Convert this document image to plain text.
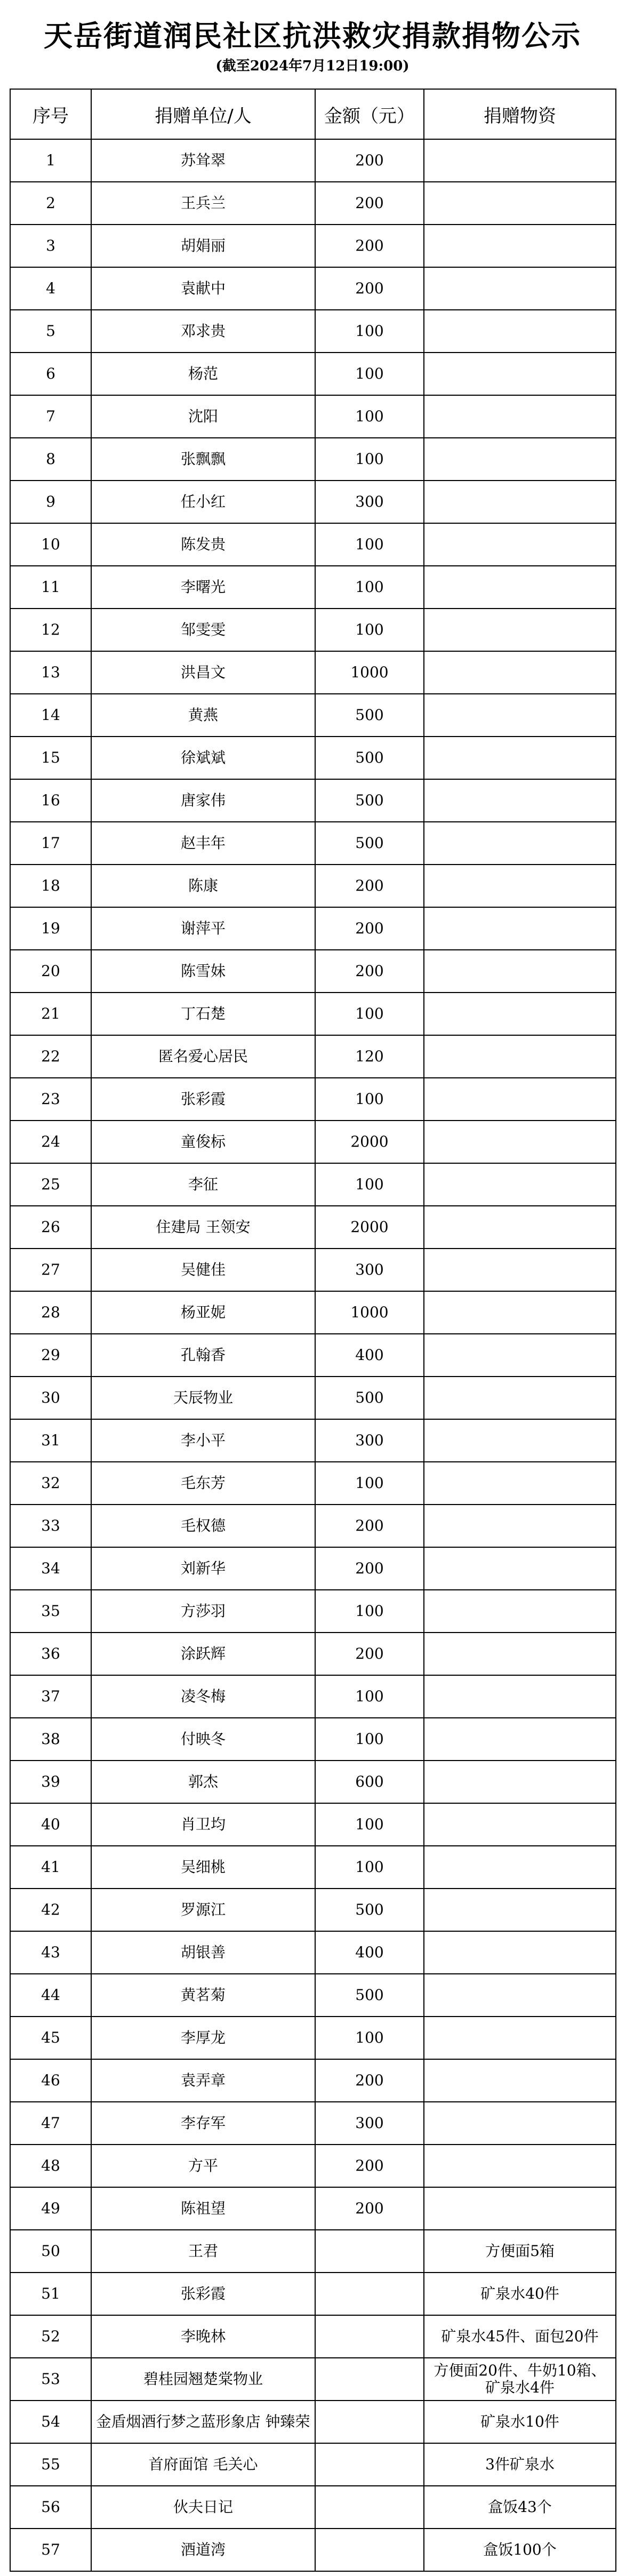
天岳街道润民社区抗洪救灾捐款捐物公示
(截至2024年7月12日19:00)
序号	捐赠单位/人	金额（元）	捐赠物资
1	苏耸翠	200	
2	王兵兰	200	
3	胡娟丽	200	
4	袁献中	200	
5	邓求贵	100	
6	杨范	100	
7	沈阳	100	
8	张飘飘	100	
9	任小红	300	
10	陈发贵	100	
11	李曙光	100	
12	邹雯雯	100	
13	洪昌文	1000	
14	黄燕	500	
15	徐斌斌	500	
16	唐家伟	500	
17	赵丰年	500	
18	陈康	200	
19	谢萍平	200	
20	陈雪妹	200	
21	丁石楚	100	
22	匿名爱心居民	120	
23	张彩霞	100	
24	童俊标	2000	
25	李征	100	
26	住建局 王领安	2000	
27	吴健佳	300	
28	杨亚妮	1000	
29	孔翰香	400	
30	天辰物业	500	
31	李小平	300	
32	毛东芳	100	
33	毛权德	200	
34	刘新华	200	
35	方莎羽	100	
36	涂跃辉	200	
37	凌冬梅	100	
38	付映冬	100	
39	郭杰	600	
40	肖卫均	100	
41	吴细桃	100	
42	罗源江	500	
43	胡银善	400	
44	黄茗菊	500	
45	李厚龙	100	
46	袁弄章	200	
47	李存军	300	
48	方平	200	
49	陈祖望	200	
50	王君		方便面5箱
51	张彩霞		矿泉水40件
52	李晚林		矿泉水45件、面包20件
53	碧桂园翘楚棠物业		方便面20件、牛奶10箱、矿泉水4件
54	金盾烟酒行梦之蓝形象店 钟臻荣		矿泉水10件
55	首府面馆 毛关心		3件矿泉水
56	伙夫日记		盒饭43个
57	酒道湾		盒饭100个
